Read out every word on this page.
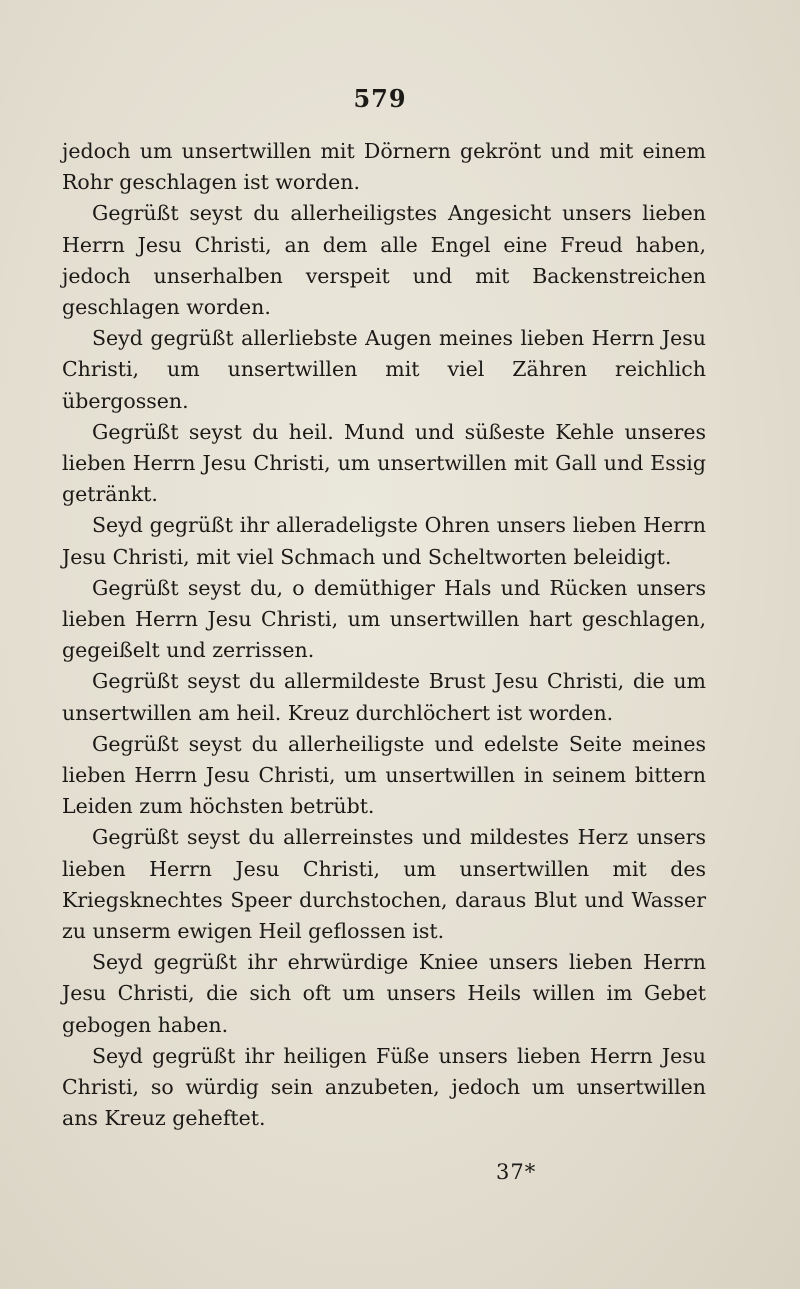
579

jedoch um unsertwillen mit Dörnern gekrönt und mit einem Rohr geschlagen ist worden.

Gegrüßt seyst du allerheiligstes Angesicht unsers lieben Herrn Jesu Christi, an dem alle Engel eine Freud haben, jedoch unserhalben verspeit und mit Backenstreichen geschlagen worden.

Seyd gegrüßt allerliebste Augen meines lieben Herrn Jesu Christi, um unsertwillen mit viel Zähren reichlich übergossen.

Gegrüßt seyst du heil. Mund und süßeste Kehle unseres lieben Herrn Jesu Christi, um unsertwillen mit Gall und Essig getränkt.

Seyd gegrüßt ihr alleradeligste Ohren unsers lieben Herrn Jesu Christi, mit viel Schmach und Scheltworten beleidigt.

Gegrüßt seyst du, o demüthiger Hals und Rücken unsers lieben Herrn Jesu Christi, um unsertwillen hart geschlagen, gegeißelt und zerrissen.

Gegrüßt seyst du allermildeste Brust Jesu Christi, die um unsertwillen am heil. Kreuz durchlöchert ist worden.

Gegrüßt seyst du allerheiligste und edelste Seite meines lieben Herrn Jesu Christi, um unsertwillen in seinem bittern Leiden zum höchsten betrübt.

Gegrüßt seyst du allerreinstes und mildestes Herz unsers lieben Herrn Jesu Christi, um unsertwillen mit des Kriegsknechtes Speer durchstochen, daraus Blut und Wasser zu unserm ewigen Heil geflossen ist.

Seyd gegrüßt ihr ehrwürdige Kniee unsers lieben Herrn Jesu Christi, die sich oft um unsers Heils willen im Gebet gebogen haben.

Seyd gegrüßt ihr heiligen Füße unsers lieben Herrn Jesu Christi, so würdig sein anzubeten, jedoch um unsertwillen ans Kreuz geheftet.

37*
